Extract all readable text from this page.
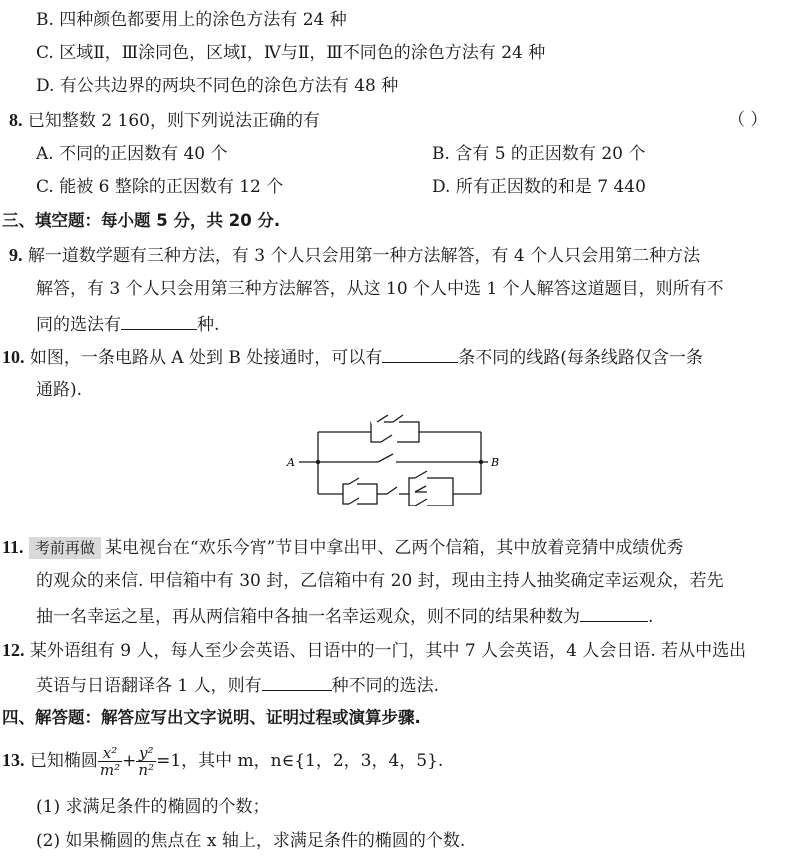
B. 四种颜色都要用上的涂色方法有 24 种
C. 区域Ⅱ，Ⅲ涂同色，区域Ⅰ，Ⅳ与Ⅱ，Ⅲ不同色的涂色方法有 24 种
D. 有公共边界的两块不同色的涂色方法有 48 种
8. 已知整数 2 160，则下列说法正确的有	（ ）
A. 不同的正因数有 40 个	B. 含有 5 的正因数有 20 个
C. 能被 6 整除的正因数有 12 个	D. 所有正因数的和是 7 440
三、填空题：每小题 5 分，共 20 分.
9. 解一道数学题有三种方法，有 3 个人只会用第一种方法解答，有 4 个人只会用第二种方法
解答，有 3 个人只会用第三种方法解答，从这 10 个人中选 1 个人解答这道题目，则所有不
同的选法有	种.
10. 如图，一条电路从 A 处到 B 处接通时，可以有	条不同的线路(每条线路仅含一条
通路).
A	B
11. 考前再做 某电视台在“欢乐今宵”节目中拿出甲、乙两个信箱，其中放着竞猜中成绩优秀
的观众的来信. 甲信箱中有 30 封，乙信箱中有 20 封，现由主持人抽奖确定幸运观众，若先
抽一名幸运之星，再从两信箱中各抽一名幸运观众，则不同的结果种数为	.
12. 某外语组有 9 人，每人至少会英语、日语中的一门，其中 7 人会英语，4 人会日语. 若从中选出
英语与日语翻译各 1 人，则有	种不同的选法.
四、解答题：解答应写出文字说明、证明过程或演算步骤.
13. 已知椭圆 $\frac{\text{x²}}{\text{m²}} + \frac{\text{y²}}{\text{n²}} =1$，其中 m，n∈{1，2，3，4，5}.
(1) 求满足条件的椭圆的个数；
(2) 如果椭圆的焦点在 x 轴上，求满足条件的椭圆的个数.
